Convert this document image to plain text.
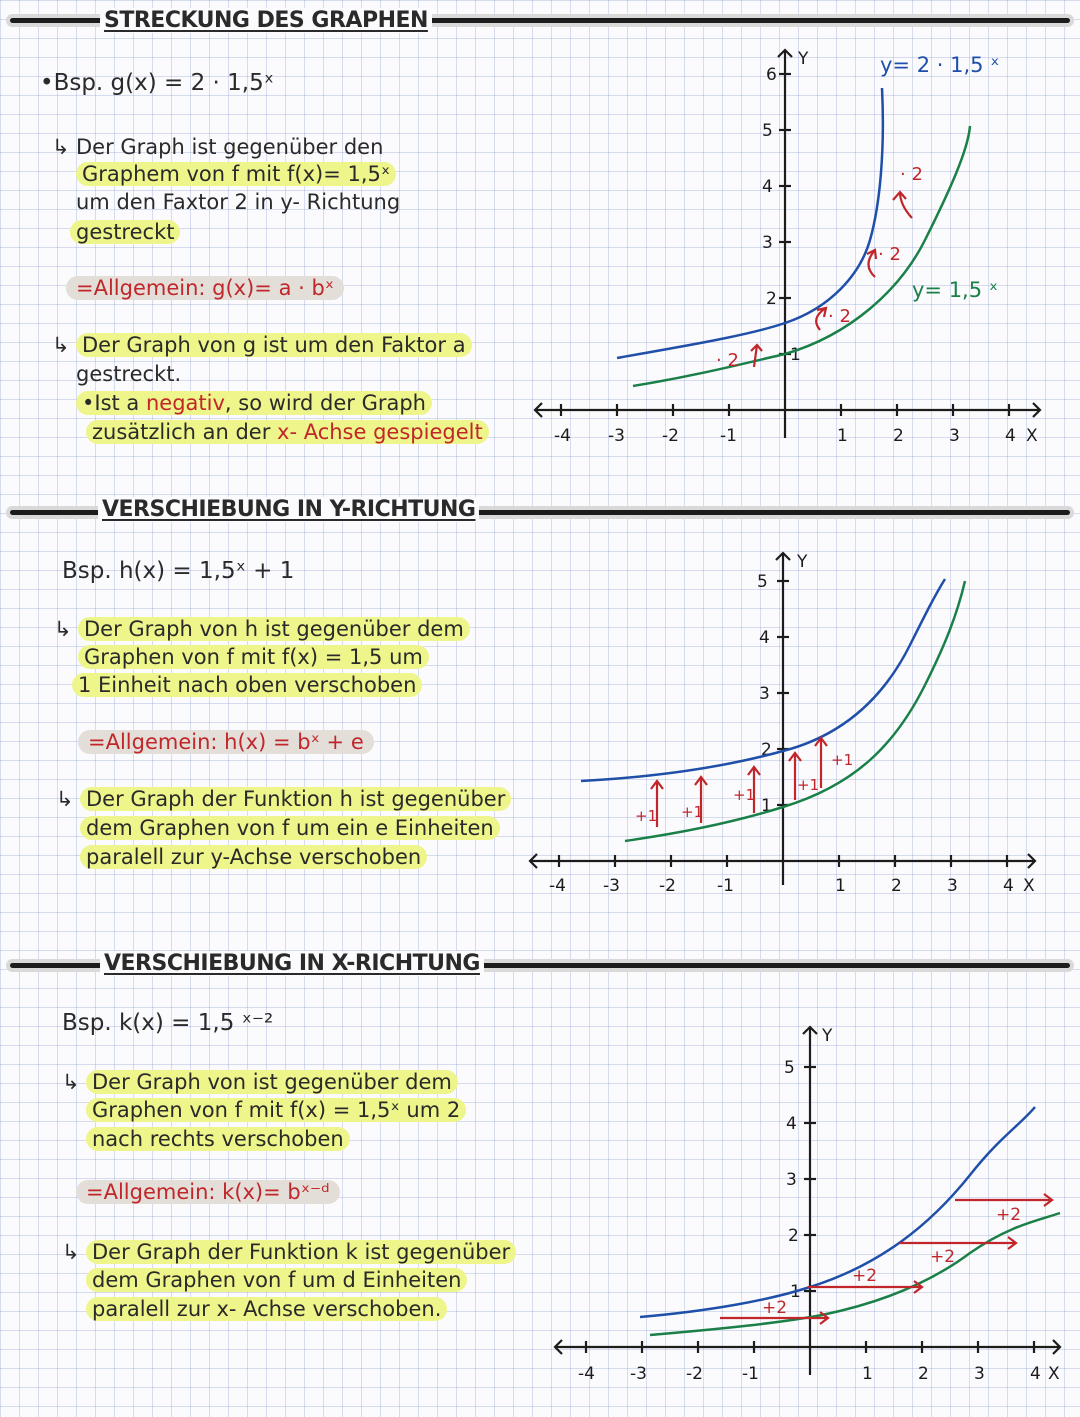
STRECKUNG DES GRAPHEN
•Bsp. g(x) = 2 · 1,5ˣ
↳ Der Graph ist gegenüber den
Graphem von f mit f(x)= 1,5ˣ
um den Faxtor 2 in y- Richtung
gestreckt
=Allgemein: g(x)= a · bˣ
↳ Der Graph von g ist um den Faktor a
gestreckt.
•Ist a negativ, so wird der Graph
zusätzlich an der x- Achse gespiegelt	-4 -3 -2 -1	1	2	3	4 X
1
2
3
4
5
6
Y
· 2
· 2
· 2
· 2
y= 2 · 1,5 ˣ
y= 1,5 ˣ
VERSCHIEBUNG IN Y-RICHTUNG
Bsp. h(x) = 1,5ˣ + 1
↳ Der Graph von h ist gegenüber dem
Graphen von f mit f(x) = 1,5 um
1 Einheit nach oben verschoben
=Allgemein: h(x) = bˣ + e
↳ Der Graph der Funktion h ist gegenüber
dem Graphen von f um ein e Einheiten
paralell zur y-Achse verschoben
-4 -3 -2 -1	1	2	3	4 X
1
2
3
4
5
Y
+1 +1
+1
+1
+1
VERSCHIEBUNG IN X-RICHTUNG
Bsp. k(x) = 1,5 ˣ⁻²
↳ Der Graph von ist gegenüber dem
Graphen von f mit f(x) = 1,5ˣ um 2
nach rechts verschoben
=Allgemein: k(x)= bˣ⁻ᵈ
↳ Der Graph der Funktion k ist gegenüber
dem Graphen von f um d Einheiten
paralell zur x- Achse verschoben.
-4 -3 -2 -1	1	2	3	4 X
1
2
3
4
5
Y
+2
+2
+2
+2
